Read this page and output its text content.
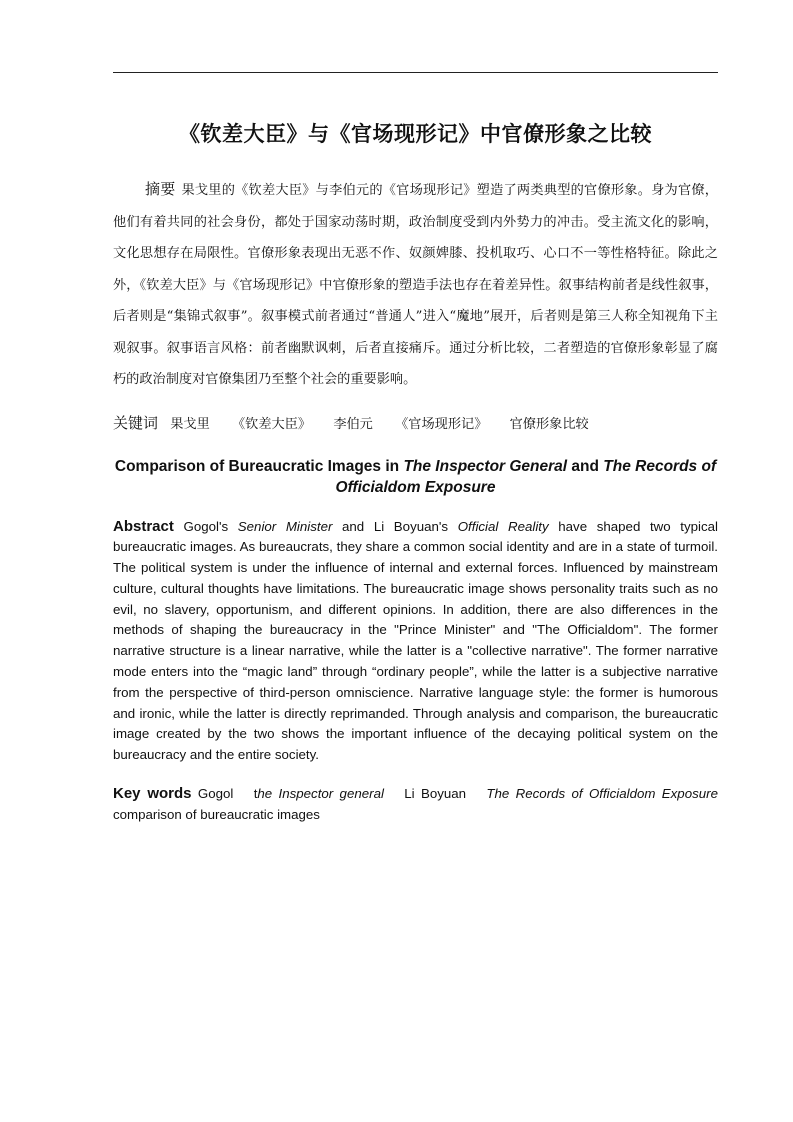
《钦差大臣》与《官场现形记》中官僚形象之比较

摘要 果戈里的《钦差大臣》与李伯元的《官场现形记》塑造了两类典型的官僚形象。身为官僚，他们有着共同的社会身份，都处于国家动荡时期，政治制度受到内外势力的冲击。受主流文化的影响，文化思想存在局限性。官僚形象表现出无恶不作、奴颜婢膝、投机取巧、心口不一等性格特征。除此之外，《钦差大臣》与《官场现形记》中官僚形象的塑造手法也存在着差异性。叙事结构前者是线性叙事，后者则是“集锦式叙事”。叙事模式前者通过“普通人”进入“魔地”展开，后者则是第三人称全知视角下主观叙事。叙事语言风格：前者幽默讽刺，后者直接痛斥。通过分析比较，二者塑造的官僚形象彰显了腐朽的政治制度对官僚集团乃至整个社会的重要影响。

关键词 果戈里 《钦差大臣》 李伯元 《官场现形记》 官僚形象比较
Comparison of Bureaucratic Images in The Inspector General and The Records of Officialdom Exposure

Abstract Gogol's Senior Minister and Li Boyuan's Official Reality have shaped two typical bureaucratic images. As bureaucrats, they share a common social identity and are in a state of turmoil. The political system is under the influence of internal and external forces. Influenced by mainstream culture, cultural thoughts have limitations. The bureaucratic image shows personality traits such as no evil, no slavery, opportunism, and different opinions. In addition, there are also differences in the methods of shaping the bureaucracy in the "Prince Minister" and "The Officialdom". The former narrative structure is a linear narrative, while the latter is a "collective narrative". The former narrative mode enters into the “magic land” through “ordinary people”, while the latter is a subjective narrative from the perspective of third-person omniscience. Narrative language style: the former is humorous and ironic, while the latter is directly reprimanded. Through analysis and comparison, the bureaucratic image created by the two shows the important influence of the decaying political system on the bureaucracy and the entire society.

Key words Gogol the Inspector general Li Boyuan The Records of Officialdom Exposure comparison of bureaucratic images
